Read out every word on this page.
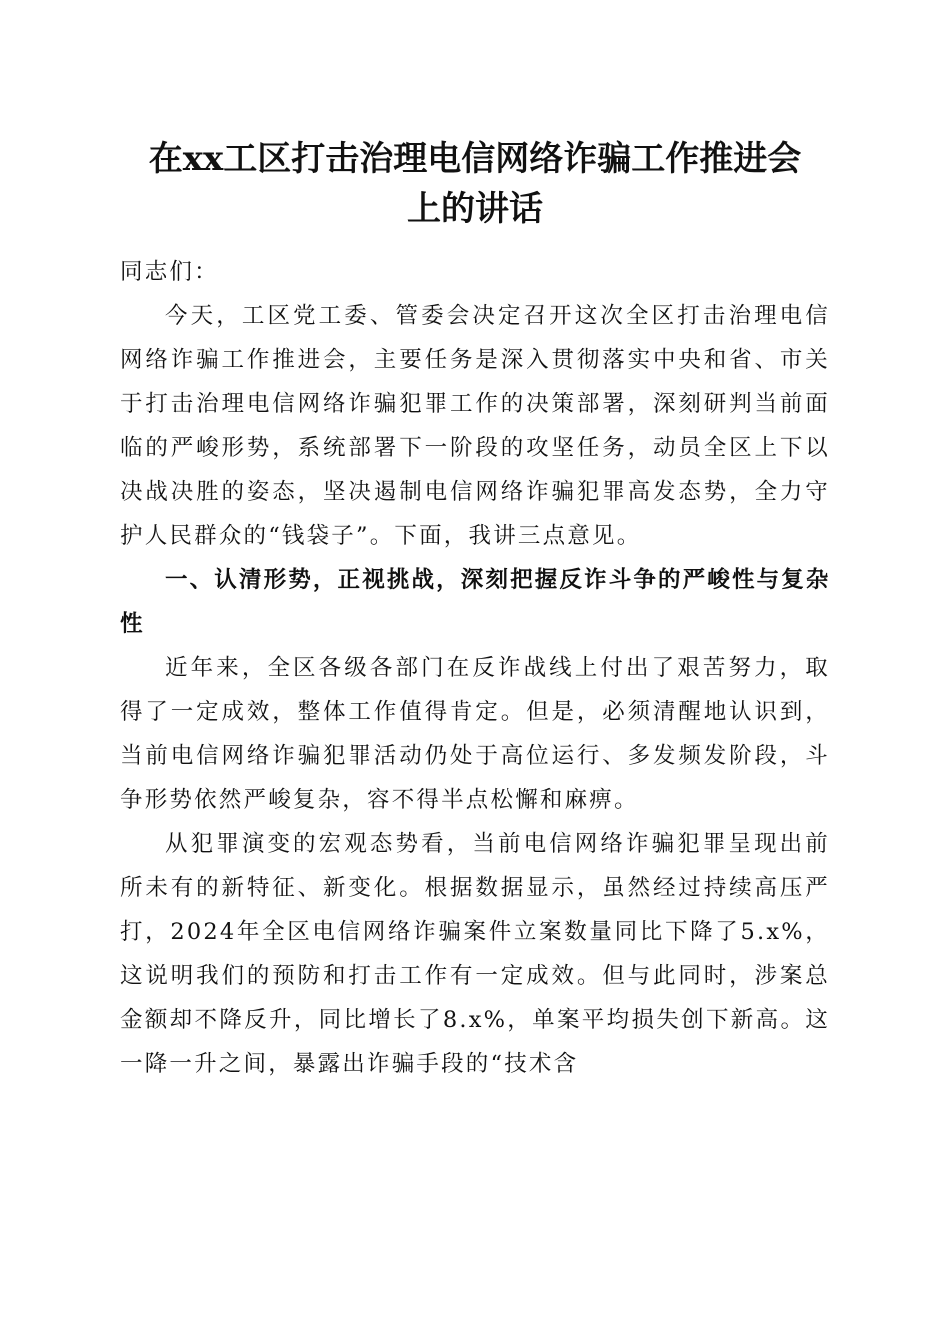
在xx工区打击治理电信网络诈骗工作推进会
上的讲话

同志们：

今天，工区党工委、管委会决定召开这次全区打击治理电信网络诈骗工作推进会，主要任务是深入贯彻落实中央和省、市关于打击治理电信网络诈骗犯罪工作的决策部署，深刻研判当前面临的严峻形势，系统部署下一阶段的攻坚任务，动员全区上下以决战决胜的姿态，坚决遏制电信网络诈骗犯罪高发态势，全力守护人民群众的“钱袋子”。下面，我讲三点意见。

一、认清形势，正视挑战，深刻把握反诈斗争的严峻性与复杂性

近年来，全区各级各部门在反诈战线上付出了艰苦努力，取得了一定成效，整体工作值得肯定。但是，必须清醒地认识到，当前电信网络诈骗犯罪活动仍处于高位运行、多发频发阶段，斗争形势依然严峻复杂，容不得半点松懈和麻痹。

从犯罪演变的宏观态势看，当前电信网络诈骗犯罪呈现出前所未有的新特征、新变化。根据数据显示，虽然经过持续高压严打，2024年全区电信网络诈骗案件立案数量同比下降了5.x%，这说明我们的预防和打击工作有一定成效。但与此同时，涉案总金额却不降反升，同比增长了8.x%，单案平均损失创下新高。这一降一升之间，暴露出诈骗手段的“技术含
